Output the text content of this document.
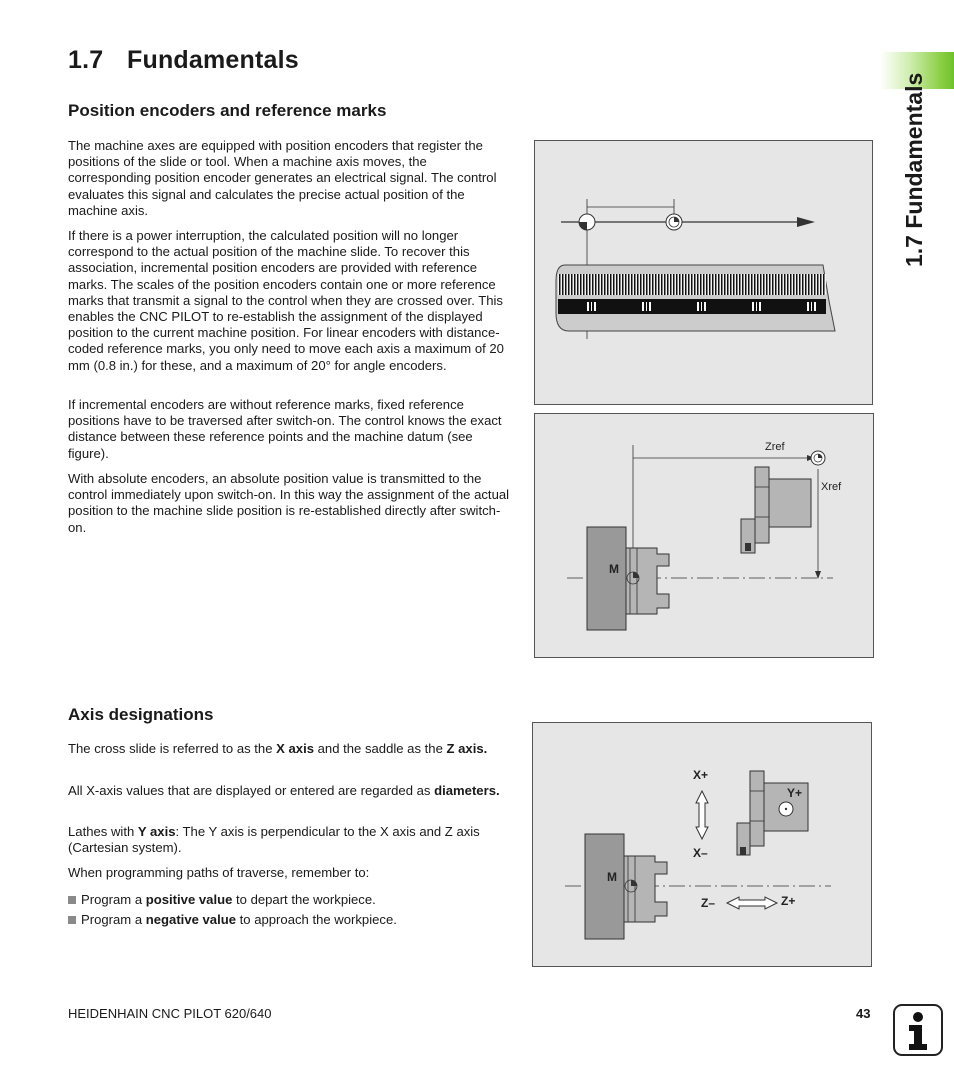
1.7 Fundamentals
1.7 Fundamentals
Position encoders and reference marks

The machine axes are equipped with position encoders that register the positions of the slide or tool. When a machine axis moves, the corresponding position encoder generates an electrical signal. The control evaluates this signal and calculates the precise actual position of the machine axis.

If there is a power interruption, the calculated position will no longer correspond to the actual position of the machine slide. To recover this association, incremental position encoders are provided with reference marks. The scales of the position encoders contain one or more reference marks that transmit a signal to the control when they are crossed over. This enables the CNC PILOT to re-establish the assignment of the displayed position to the current machine position. For linear encoders with distance-coded reference marks, you only need to move each axis a maximum of 20 mm (0.8 in.) for these, and a maximum of 20° for angle encoders.

If incremental encoders are without reference marks, fixed reference positions have to be traversed after switch-on. The control knows the exact distance between these reference points and the machine datum (see figure).

With absolute encoders, an absolute position value is transmitted to the control immediately upon switch-on. In this way the assignment of the actual position to the machine slide position is re-established directly after switch-on.

Zref
Xref
M
Axis designations

The cross slide is referred to as the X axis and the saddle as the Z axis.

All X-axis values that are displayed or entered are regarded as diameters.

Lathes with Y axis: The Y axis is perpendicular to the X axis and Z axis (Cartesian system).

When programming paths of traverse, remember to:

Program a positive value to depart the workpiece.
Program a negative value to approach the workpiece.
X+
X–
Y+
Z–	Z+
M
HEIDENHAIN CNC PILOT 620/640	43
